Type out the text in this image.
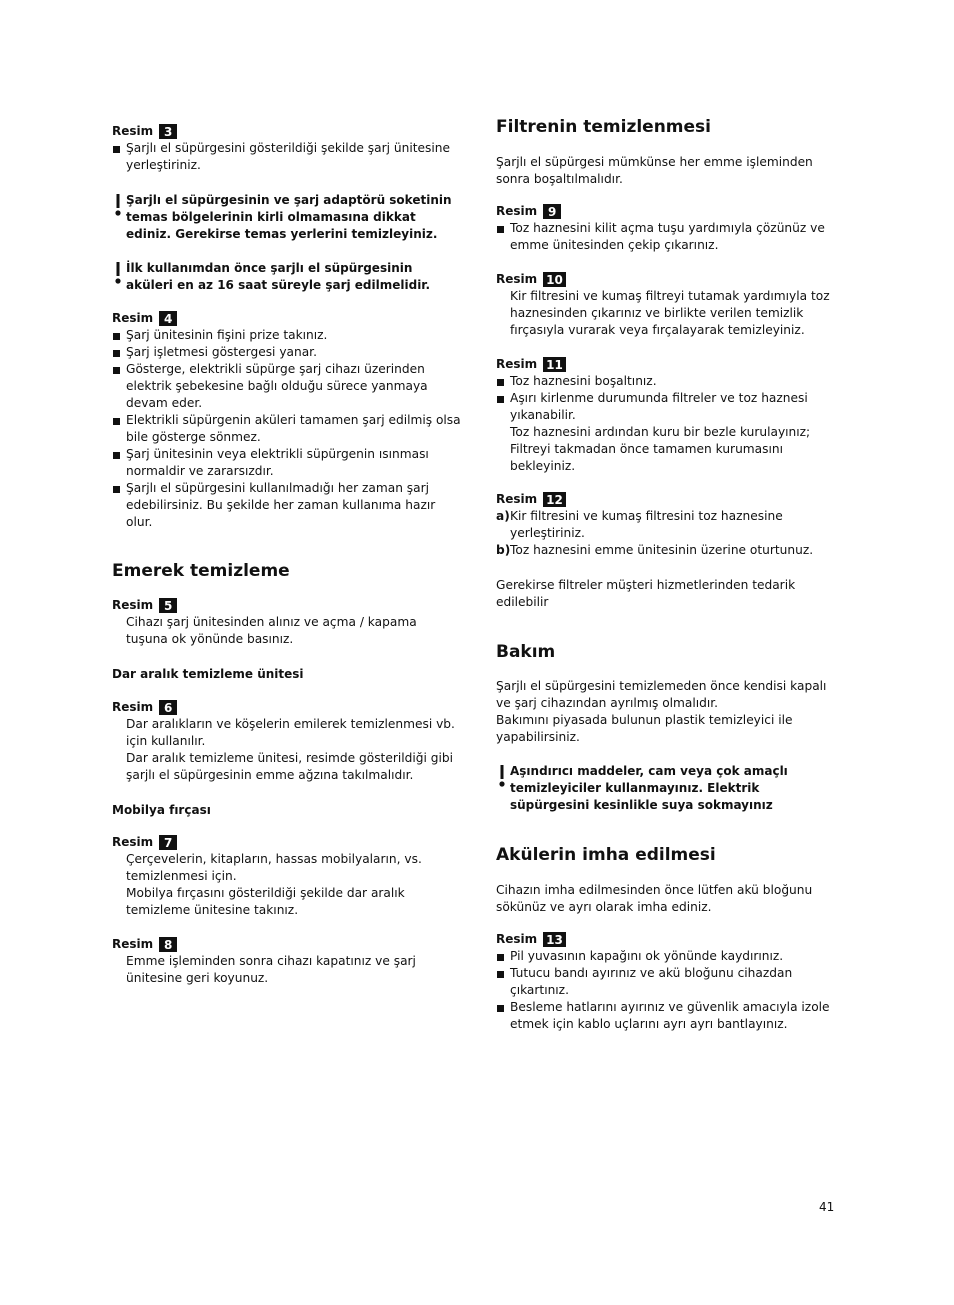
Resim 3
Şarjlı el süpürgesini gösterildiği şekilde şarj ünitesine yerleştiriniz.
Şarjlı el süpürgesinin ve şarj adaptörü soketinin temas bölgelerinin kirli olmamasına dikkat ediniz. Gerekirse temas yerlerini temizleyiniz.
İlk kullanımdan önce şarjlı el süpürgesinin aküleri en az 16 saat süreyle şarj edilmelidir.
Resim 4
Şarj ünitesinin fişini prize takınız.
Şarj işletmesi göstergesi yanar.
Gösterge, elektrikli süpürge şarj cihazı üzerinden elektrik şebekesine bağlı olduğu sürece yanmaya devam eder.
Elektrikli süpürgenin aküleri tamamen şarj edilmiş olsa bile gösterge sönmez.
Şarj ünitesinin veya elektrikli süpürgenin ısınması normaldir ve zararsızdır.
Şarjlı el süpürgesini kullanılmadığı her zaman şarj edebilirsiniz. Bu şekilde her zaman kullanıma hazır olur.
Emerek temizleme
Resim 5
Cihazı şarj ünitesinden alınız ve açma / kapama tuşuna ok yönünde basınız.
Dar aralık temizleme ünitesi
Resim 6
Dar aralıkların ve köşelerin emilerek temizlenmesi vb. için kullanılır.
Dar aralık temizleme ünitesi, resimde gösterildiği gibi şarjlı el süpürgesinin emme ağzına takılmalıdır.
Mobilya fırçası
Resim 7
Çerçevelerin, kitapların, hassas mobilyaların, vs. temizlenmesi için.
Mobilya fırçasını gösterildiği şekilde dar aralık temizleme ünitesine takınız.
Resim 8
Emme işleminden sonra cihazı kapatınız ve şarj ünitesine geri koyunuz.
Filtrenin temizlenmesi
Şarjlı el süpürgesi mümkünse her emme işleminden sonra boşaltılmalıdır.
Resim 9
Toz haznesini kilit açma tuşu yardımıyla çözünüz ve emme ünitesinden çekip çıkarınız.
Resim 10
Kir filtresini ve kumaş filtreyi tutamak yardımıyla toz haznesinden çıkarınız ve birlikte verilen temizlik fırçasıyla vurarak veya fırçalayarak temizleyiniz.
Resim 11
Toz haznesini boşaltınız.
Aşırı kirlenme durumunda filtreler ve toz haznesi yıkanabilir.
Toz haznesini ardından kuru bir bezle kurulayınız;
Filtreyi takmadan önce tamamen kurumasını bekleyiniz.
Resim 12
a) Kir filtresini ve kumaş filtresini toz haznesine yerleştiriniz.
b) Toz haznesini emme ünitesinin üzerine oturtunuz.
Gerekirse filtreler müşteri hizmetlerinden tedarik edilebilir
Bakım
Şarjlı el süpürgesini temizlemeden önce kendisi kapalı ve şarj cihazından ayrılmış olmalıdır.
Bakımını piyasada bulunun plastik temizleyici ile yapabilirsiniz.
Aşındırıcı maddeler, cam veya çok amaçlı temizleyiciler kullanmayınız. Elektrik süpürgesini kesinlikle suya sokmayınız
Akülerin imha edilmesi
Cihazın imha edilmesinden önce lütfen akü bloğunu sökünüz ve ayrı olarak imha ediniz.
Resim 13
Pil yuvasının kapağını ok yönünde kaydırınız.
Tutucu bandı ayırınız ve akü bloğunu cihazdan çıkartınız.
Besleme hatlarını ayırınız ve güvenlik amacıyla izole etmek için kablo uçlarını ayrı ayrı bantlayınız.
41
